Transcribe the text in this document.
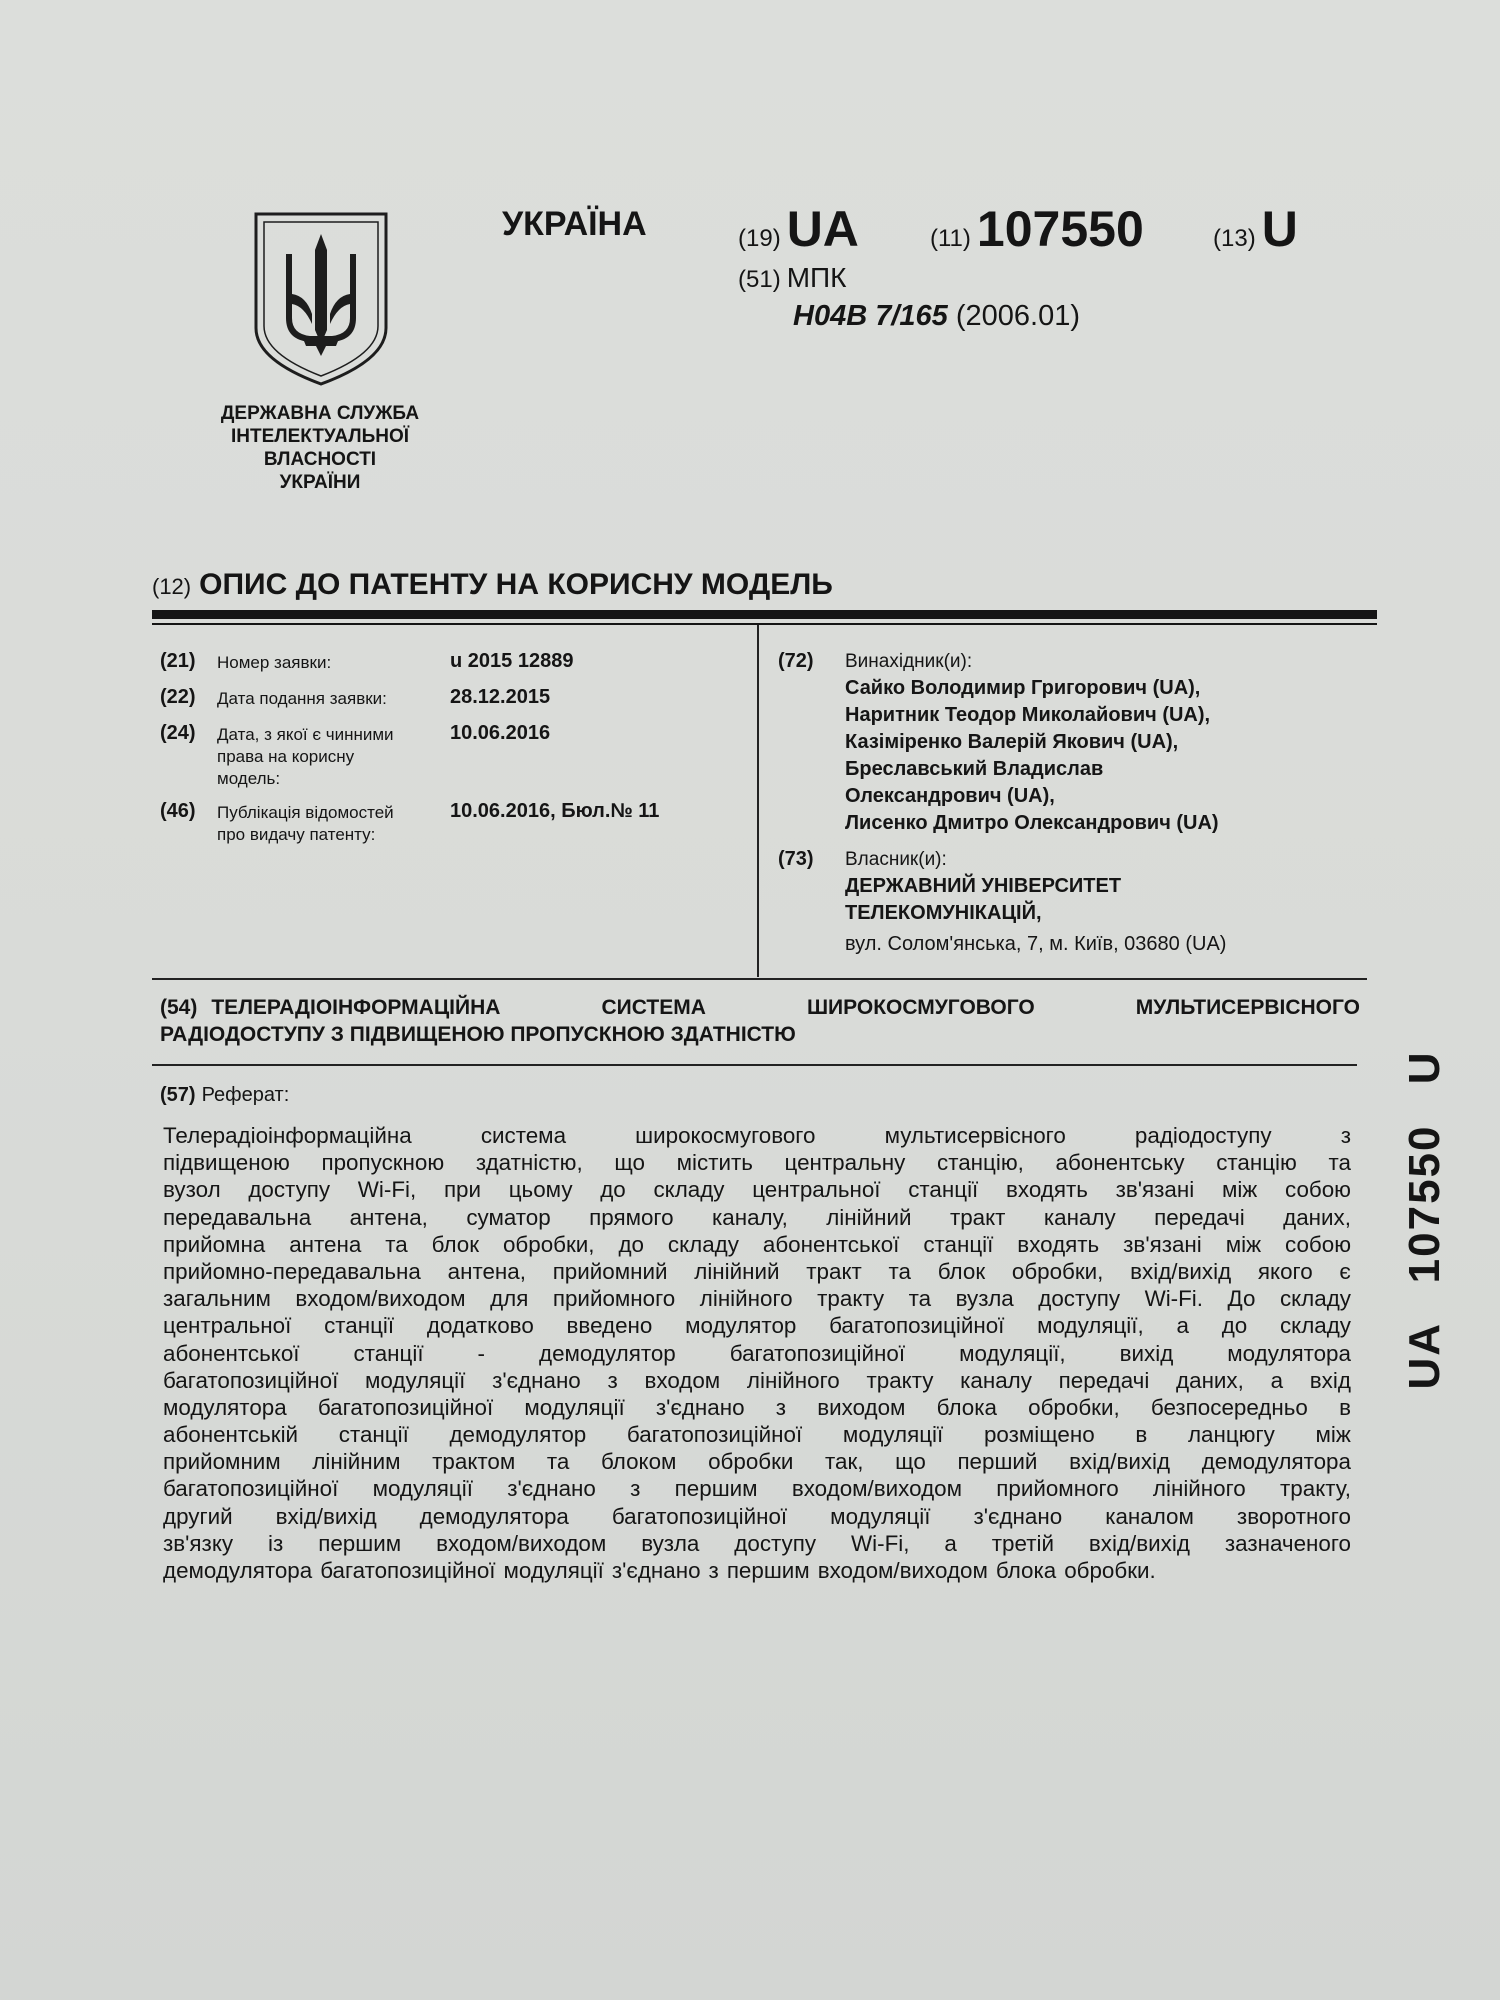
ДЕРЖАВНА СЛУЖБА
ІНТЕЛЕКТУАЛЬНОЇ
ВЛАСНОСТІ
УКРАЇНИ
УКРАЇНА	(19) UA	(11) 107550	(13) U
(51) МПК
H04B 7/165 (2006.01)
(12) ОПИС ДО ПАТЕНТУ НА КОРИСНУ МОДЕЛЬ
(21) Номер заявки:	u 2015 12889
(22) Дата подання заявки:	28.12.2015
(24) Дата, з якої є чинними
права на корисну
модель:
10.06.2016
(46) Публікація відомостей
про видачу патенту:
10.06.2016, Бюл.№ 11
(72) Винахідник(и):
Сайко Володимир Григорович (UA),
Наритник Теодор Миколайович (UA),
Казіміренко Валерій Якович (UA),
Бреславський Владислав
Олександрович (UA),
Лисенко Дмитро Олександрович (UA)
(73) Власник(и):
ДЕРЖАВНИЙ УНІВЕРСИТЕТ
ТЕЛЕКОМУНІКАЦІЙ,
вул. Солом'янська, 7, м. Київ, 03680 (UA)
(54) ТЕЛЕРАДІОІНФОРМАЦІЙНА	СИСТЕМА	ШИРОКОСМУГОВОГО	МУЛЬТИСЕРВІСНОГО
РАДІОДОСТУПУ З ПІДВИЩЕНОЮ ПРОПУСКНОЮ ЗДАТНІСТЮ
(57) Реферат:
Телерадіоінформаційна	система	широкосмугового	мультисервісного	радіодоступу	з
підвищеною пропускною здатністю, що містить центральну станцію, абонентську станцію та
вузол доступу Wi-Fi, при цьому до складу центральної станції входять зв'язані між собою
передавальна антена, суматор прямого каналу, лінійний тракт каналу передачі даних,
прийомна антена та блок обробки, до складу абонентської станції входять зв'язані між собою
прийомно-передавальна антена, прийомний лінійний тракт та блок обробки, вхід/вихід якого є
загальним входом/виходом для прийомного лінійного тракту та вузла доступу Wi-Fi. До складу
центральної станції додатково введено модулятор багатопозиційної модуляції, а до складу
абонентської станції - демодулятор багатопозиційної модуляції, вихід модулятора
багатопозиційної модуляції з'єднано з входом лінійного тракту каналу передачі даних, а вхід
модулятора багатопозиційної модуляції з'єднано з виходом блока обробки, безпосередньо в
абонентській станції демодулятор багатопозиційної модуляції розміщено в ланцюгу між
прийомним лінійним трактом та блоком обробки так, що перший вхід/вихід демодулятора
багатопозиційної модуляції з'єднано з першим входом/виходом прийомного лінійного тракту,
другий вхід/вихід демодулятора багатопозиційної модуляції з'єднано каналом зворотного
зв'язку із першим входом/виходом вузла доступу Wi-Fi, а третій вхід/вихід зазначеного
демодулятора багатопозиційної модуляції з'єднано з першим входом/виходом блока обробки.
UA 107550 U
